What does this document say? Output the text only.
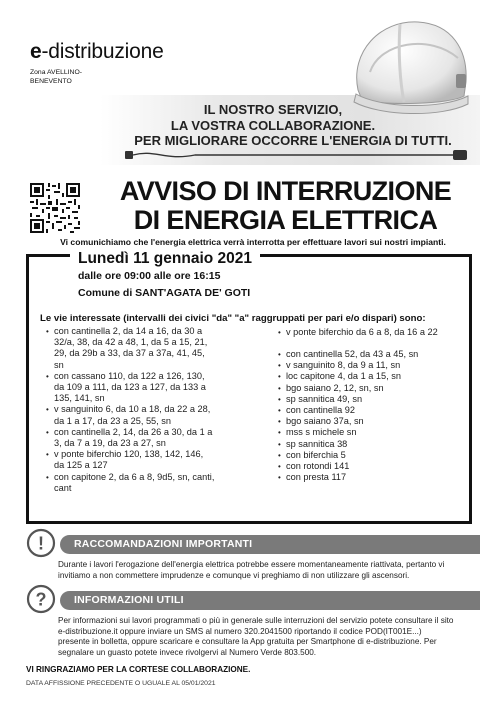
e-distribuzione
Zona AVELLINO-
BENEVENTO
IL NOSTRO SERVIZIO,
LA VOSTRA COLLABORAZIONE.
PER MIGLIORARE OCCORRE L'ENERGIA DI TUTTI.
AVVISO DI INTERRUZIONE
DI ENERGIA ELETTRICA
Vi comunichiamo che l'energia elettrica verrà interrotta per effettuare lavori sui nostri impianti.
Lunedì 11 gennaio 2021
dalle ore 09:00 alle ore 16:15
Comune di SANT'AGATA DE' GOTI
Le vie interessate (intervalli dei civici "da" "a" raggruppati per pari e/o dispari) sono:
• con cantinella 2, da 14 a 16, da 30 a
32/a, 38, da 42 a 48, 1, da 5 a 15, 21,
29, da 29b a 33, da 37 a 37a, 41, 45,
sn
• con cassano 110, da 122 a 126, 130,
da 109 a 111, da 123 a 127, da 133 a
135, 141, sn
• v sanguinito 6, da 10 a 18, da 22 a 28,
da 1 a 17, da 23 a 25, 55, sn
• con cantinella 2, 14, da 26 a 30, da 1 a
3, da 7 a 19, da 23 a 27, sn
• v ponte biferchio 120, 138, 142, 146,
da 125 a 127
• con capitone 2, da 6 a 8, 9d5, sn, canti,
cant
• v ponte biferchio da 6 a 8, da 16 a 22
• con cantinella 52, da 43 a 45, sn
• v sanguinito 8, da 9 a 11, sn
• loc capitone 4, da 1 a 15, sn
• bgo saiano 2, 12, sn, sn
• sp sannitica 49, sn
• con cantinella 92
• bgo saiano 37a, sn
• mss s michele sn
• sp sannitica 38
• con biferchia 5
• con rotondi 141
• con presta 117
!	RACCOMANDAZIONI IMPORTANTI
Durante i lavori l'erogazione dell'energia elettrica potrebbe essere momentaneamente riattivata, pertanto vi
invitiamo a non commettere imprudenze e comunque vi preghiamo di non utilizzare gli ascensori.
?	INFORMAZIONI UTILI
Per informazioni sui lavori programmati o più in generale sulle interruzioni del servizio potete consultare il sito
e-distribuzione.it oppure inviare un SMS al numero 320.2041500 riportando il codice POD(IT001E...)
presente in bolletta, oppure scaricare e consultare la App gratuita per Smartphone di e-distribuzione. Per
segnalare un guasto potete invece rivolgervi al Numero Verde 803.500.
VI RINGRAZIAMO PER LA CORTESE COLLABORAZIONE.
DATA AFFISSIONE PRECEDENTE O UGUALE AL 05/01/2021
